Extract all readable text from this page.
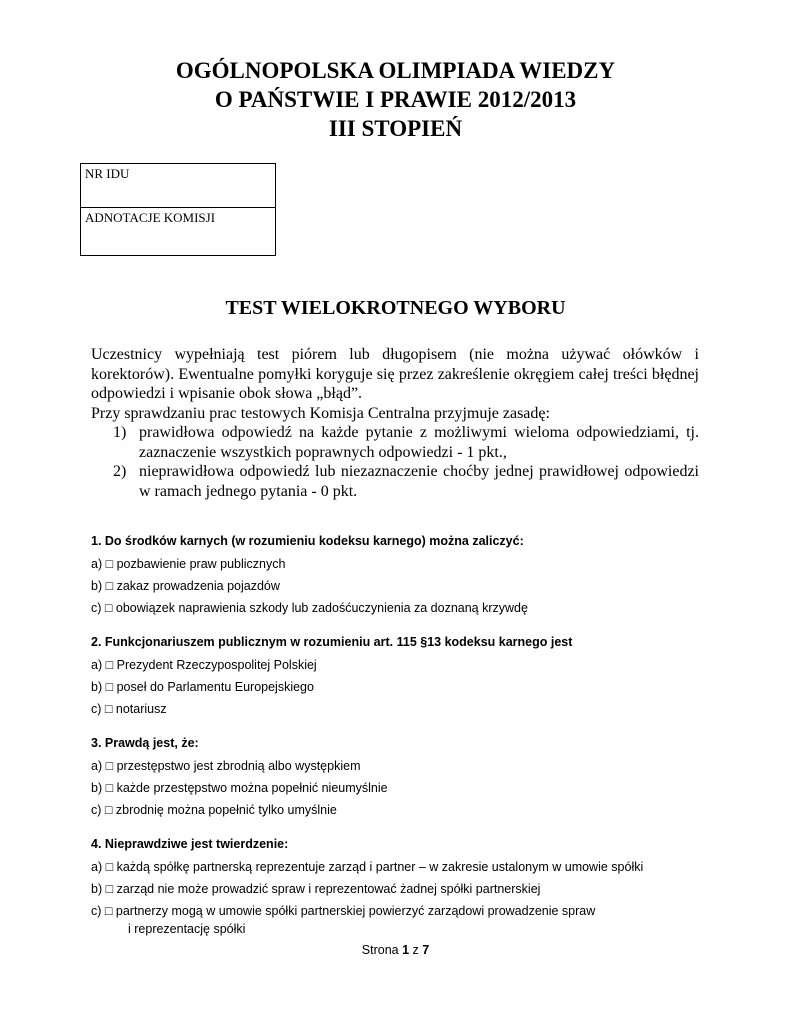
OGÓLNOPOLSKA OLIMPIADA WIEDZY
O PAŃSTWIE I PRAWIE 2012/2013
III STOPIEŃ
NR IDU
ADNOTACJE KOMISJI
TEST WIELOKROTNEGO WYBORU

Uczestnicy wypełniają test piórem lub długopisem (nie można używać ołówków i korektorów). Ewentualne pomyłki koryguje się przez zakreślenie okręgiem całej treści błędnej odpowiedzi i wpisanie obok słowa „błąd”.

Przy sprawdzaniu prac testowych Komisja Centralna przyjmuje zasadę:

1) prawidłowa odpowiedź na każde pytanie z możliwymi wieloma odpowiedziami, tj. zaznaczenie wszystkich poprawnych odpowiedzi - 1 pkt.,
2) nieprawidłowa odpowiedź lub niezaznaczenie choćby jednej prawidłowej odpowiedzi w ramach jednego pytania - 0 pkt.
1. Do środków karnych (w rozumieniu kodeksu karnego) można zaliczyć:
a) □ pozbawienie praw publicznych
b) □ zakaz prowadzenia pojazdów
c) □ obowiązek naprawienia szkody lub zadośćuczynienia za doznaną krzywdę
2. Funkcjonariuszem publicznym w rozumieniu art. 115 §13 kodeksu karnego jest
a) □ Prezydent Rzeczypospolitej Polskiej
b) □ poseł do Parlamentu Europejskiego
c) □ notariusz
3. Prawdą jest, że:
a) □ przestępstwo jest zbrodnią albo występkiem
b) □ każde przestępstwo można popełnić nieumyślnie
c) □ zbrodnię można popełnić tylko umyślnie
4. Nieprawdziwe jest twierdzenie:
a) □ każdą spółkę partnerską reprezentuje zarząd i partner – w zakresie ustalonym w umowie spółki
b) □ zarząd nie może prowadzić spraw i reprezentować żadnej spółki partnerskiej
c) □ partnerzy mogą w umowie spółki partnerskiej powierzyć zarządowi prowadzenie spraw
i reprezentację spółki
Strona 1 z 7
